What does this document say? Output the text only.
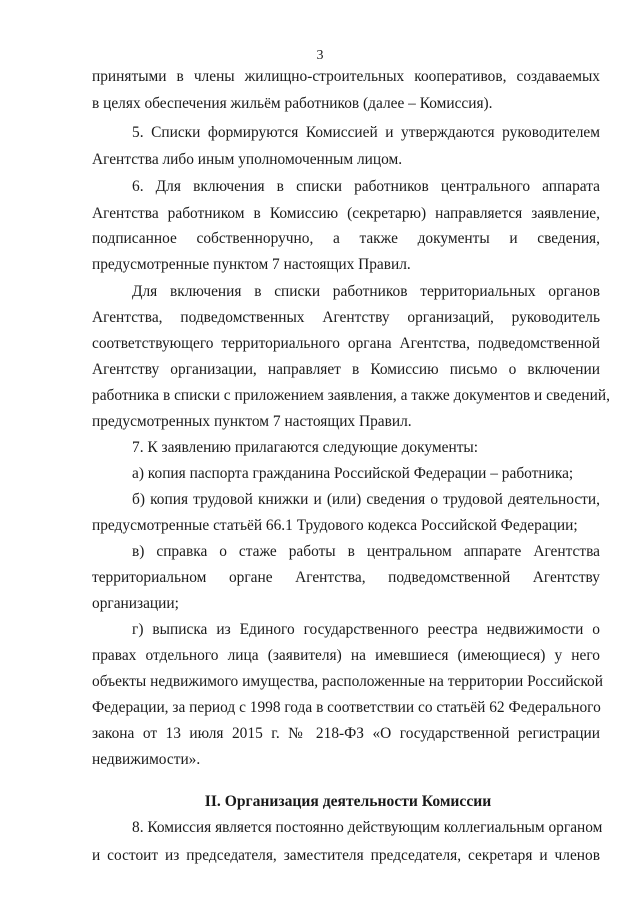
3
принятыми в члены жилищно-строительных кооперативов, создаваемых
в целях обеспечения жильём работников (далее – Комиссия).
5. Списки формируются Комиссией и утверждаются руководителем
Агентства либо иным уполномоченным лицом.
6. Для включения в списки работников центрального аппарата
Агентства работником в Комиссию (секретарю) направляется заявление,
подписанное собственноручно, а также документы и сведения,
предусмотренные пунктом 7 настоящих Правил.
Для включения в списки работников территориальных органов
Агентства, подведомственных Агентству организаций, руководитель
соответствующего территориального органа Агентства, подведомственной
Агентству организации, направляет в Комиссию письмо о включении
работника в списки с приложением заявления, а также документов и сведений,
предусмотренных пунктом 7 настоящих Правил.
7. К заявлению прилагаются следующие документы:
а) копия паспорта гражданина Российской Федерации – работника;
б) копия трудовой книжки и (или) сведения о трудовой деятельности,
предусмотренные статьёй 66.1 Трудового кодекса Российской Федерации;
в) справка о стаже работы в центральном аппарате Агентства
территориальном органе Агентства, подведомственной Агентству
организации;
г) выписка из Единого государственного реестра недвижимости о
правах отдельного лица (заявителя) на имевшиеся (имеющиеся) у него
объекты недвижимого имущества, расположенные на территории Российской
Федерации, за период с 1998 года в соответствии со статьёй 62 Федерального
закона от 13 июля 2015 г. № 218-ФЗ «О государственной регистрации
недвижимости».
8. Комиссия является постоянно действующим коллегиальным органом
и состоит из председателя, заместителя председателя, секретаря и членов
II. Организация деятельности Комиссии
